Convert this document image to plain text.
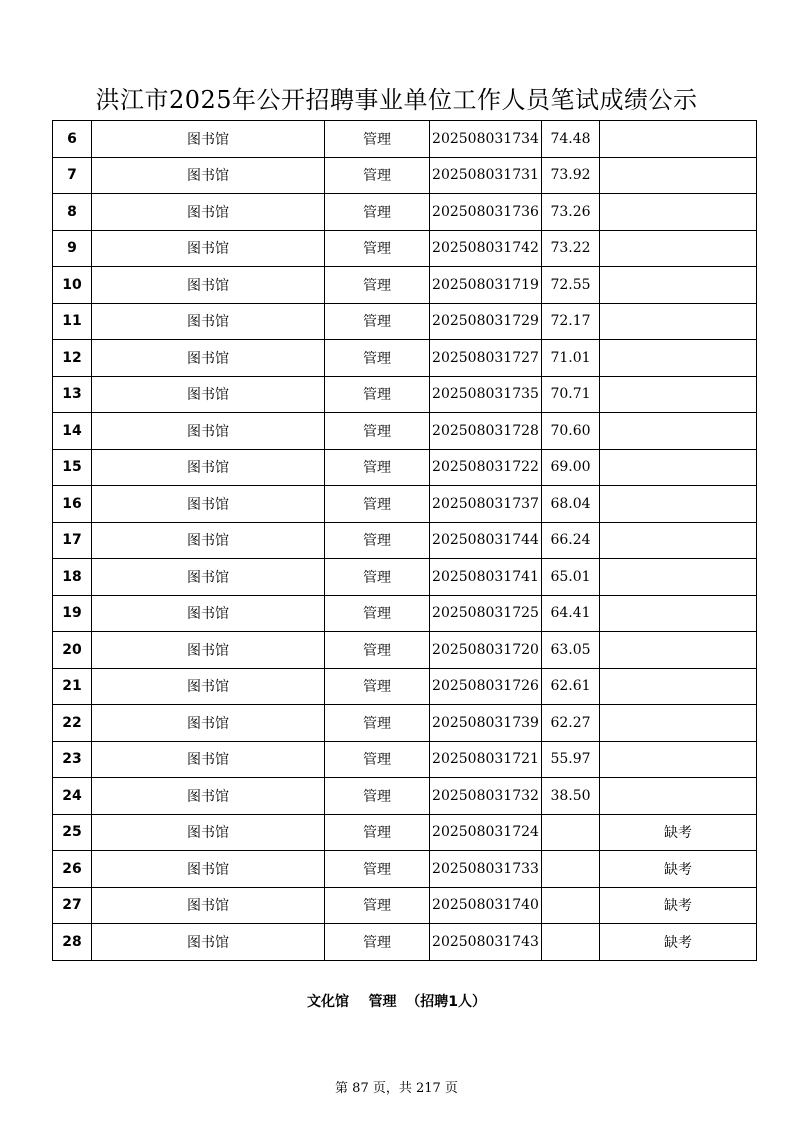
洪江市2025年公开招聘事业单位工作人员笔试成绩公示
6	图书馆	管理	202508031734	74.48	
7	图书馆	管理	202508031731	73.92	
8	图书馆	管理	202508031736	73.26	
9	图书馆	管理	202508031742	73.22	
10	图书馆	管理	202508031719	72.55	
11	图书馆	管理	202508031729	72.17	
12	图书馆	管理	202508031727	71.01	
13	图书馆	管理	202508031735	70.71	
14	图书馆	管理	202508031728	70.60	
15	图书馆	管理	202508031722	69.00	
16	图书馆	管理	202508031737	68.04	
17	图书馆	管理	202508031744	66.24	
18	图书馆	管理	202508031741	65.01	
19	图书馆	管理	202508031725	64.41	
20	图书馆	管理	202508031720	63.05	
21	图书馆	管理	202508031726	62.61	
22	图书馆	管理	202508031739	62.27	
23	图书馆	管理	202508031721	55.97	
24	图书馆	管理	202508031732	38.50	
25	图书馆	管理	202508031724		缺考
26	图书馆	管理	202508031733		缺考
27	图书馆	管理	202508031740		缺考
28	图书馆	管理	202508031743		缺考
文化馆    管理  （招聘1人）
第 87 页，共 217 页
